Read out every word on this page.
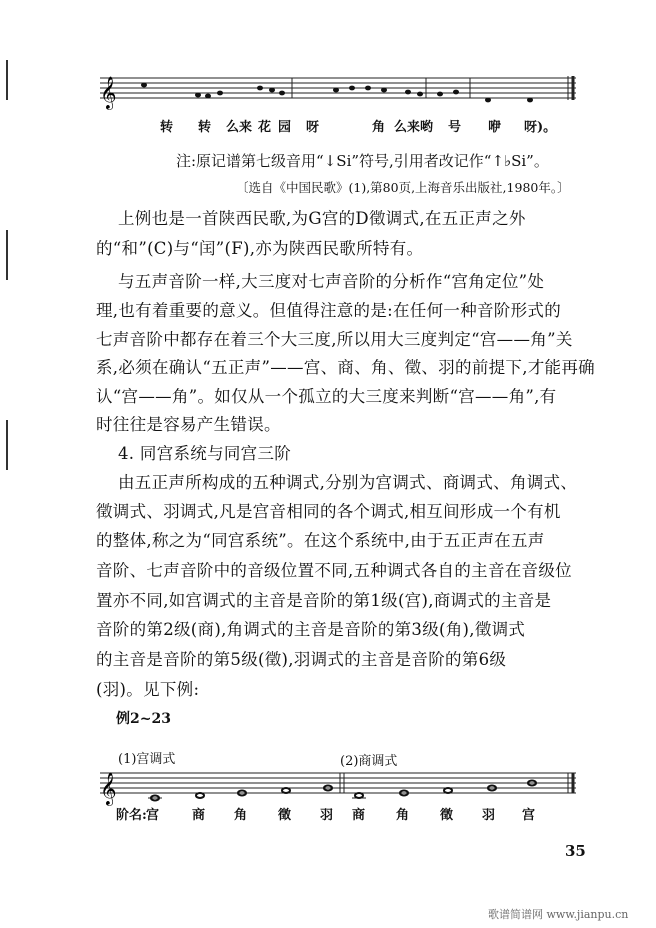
𝄞
转 转 么来 花 园 呀	角 么来哟 号 咿 呀)。
注:原记谱第七级音用“↓Si”符号,引用者改记作“↑♭Si”。
〔选自《中国民歌》(1),第80页,上海音乐出版社,1980年。〕
上例也是一首陕西民歌,为G宫的D徵调式,在五正声之外
的“和”(C)与“闰”(F),亦为陕西民歌所特有。
与五声音阶一样,大三度对七声音阶的分析作“宫角定位”处
理,也有着重要的意义。但值得注意的是:在任何一种音阶形式的
七声音阶中都存在着三个大三度,所以用大三度判定“宫——角”关
系,必须在确认“五正声”——宫、商、角、徵、羽的前提下,才能再确
认“宫——角”。如仅从一个孤立的大三度来判断“宫——角”,有
时往往是容易产生错误。
4. 同宫系统与同宫三阶
由五正声所构成的五种调式,分别为宫调式、商调式、角调式、
徵调式、羽调式,凡是宫音相同的各个调式,相互间形成一个有机
的整体,称之为“同宫系统”。在这个系统中,由于五正声在五声
音阶、七声音阶中的音级位置不同,五种调式各自的主音在音级位
置亦不同,如宫调式的主音是音阶的第1级(宫),商调式的主音是
音阶的第2级(商),角调式的主音是音阶的第3级(角),徵调式
的主音是音阶的第5级(徵),羽调式的主音是音阶的第6级
(羽)。见下例:
例2~23
(1)宫调式	(2)商调式
𝄞
阶名: 宫	商 角 徵 羽 商 角 徵 羽 宫
35
歌谱简谱网 www.jianpu.cn
